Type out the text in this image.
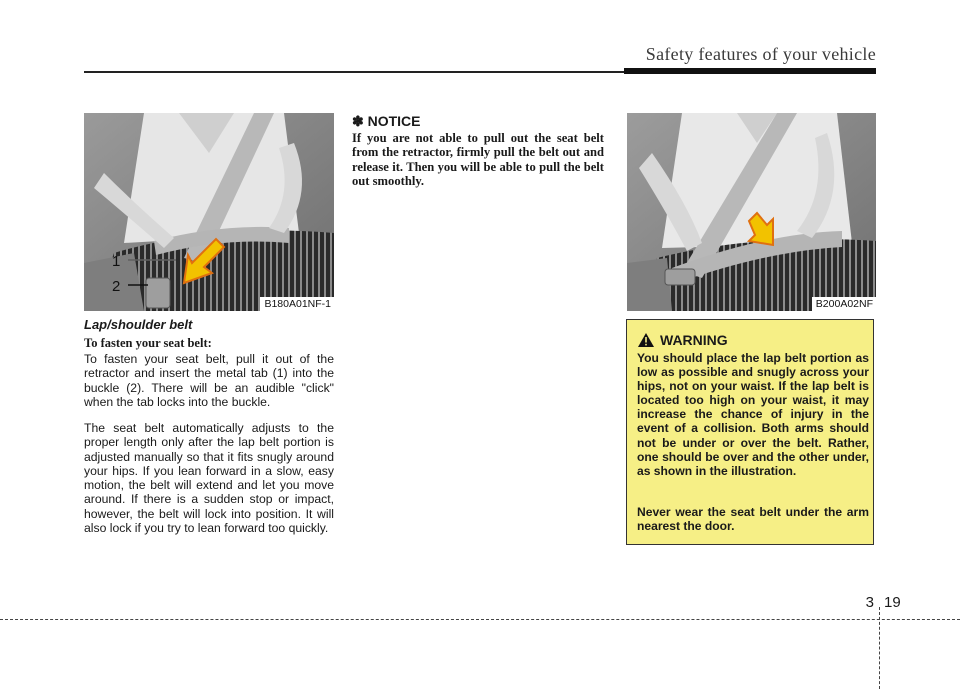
Safety features of your vehicle
1
2
B180A01NF-1
Lap/shoulder belt
To fasten your seat belt:

To fasten your seat belt, pull it out of the retractor and insert the metal tab (1) into the buckle (2). There will be an audible "click" when the tab locks into the buckle.

The seat belt automatically adjusts to the proper length only after the lap belt portion is adjusted manually so that it fits snugly around your hips. If you lean forward in a slow, easy motion, the belt will extend and let you move around. If there is a sudden stop or impact, however, the belt will lock into position. It will also lock if you try to lean forward too quickly.

✽ NOTICE

If you are not able to pull out the seat belt from the retractor, firmly pull the belt out and release it. Then you will be able to pull the belt out smoothly.

B200A02NF
WARNING

You should place the lap belt portion as low as possible and snugly across your hips, not on your waist. If the lap belt is located too high on your waist, it may increase the chance of injury in the event of a collision. Both arms should not be under or over the belt. Rather, one should be over and the other under, as shown in the illustration.

Never wear the seat belt under the arm nearest the door.

3 19
